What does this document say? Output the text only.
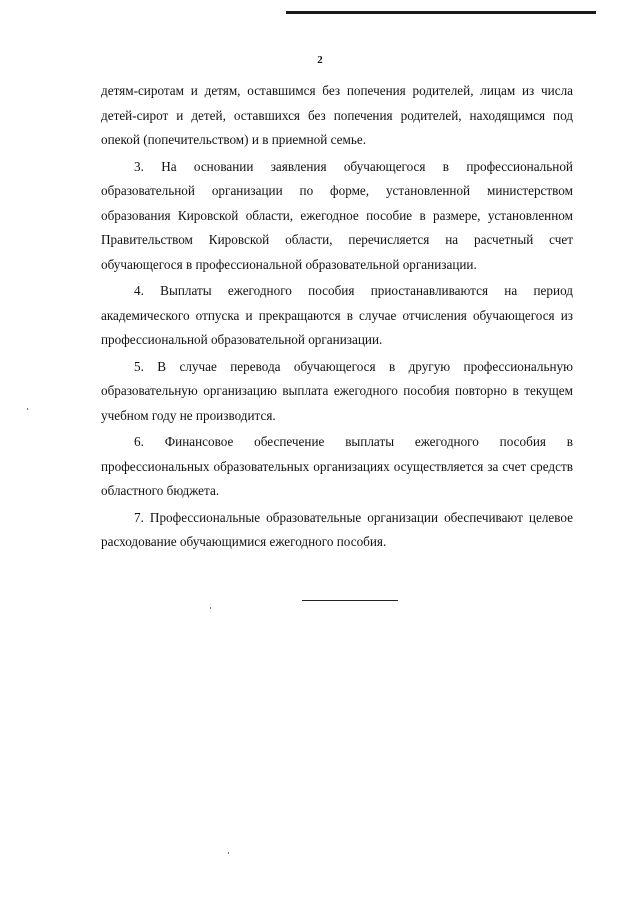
2

детям-сиротам и детям, оставшимся без попечения родителей, лицам из числа детей-сирот и детей, оставшихся без попечения родителей, находящимся под опекой (попечительством) и в приемной семье.

3. На основании заявления обучающегося в профессиональной образовательной организации по форме, установленной министерством образования Кировской области, ежегодное пособие в размере, установленном Правительством Кировской области, перечисляется на расчетный счет обучающегося в профессиональной образовательной организации.

4. Выплаты ежегодного пособия приостанавливаются на период академического отпуска и прекращаются в случае отчисления обучающегося из профессиональной образовательной организации.

5. В случае перевода обучающегося в другую профессиональную образовательную организацию выплата ежегодного пособия повторно в текущем учебном году не производится.

6. Финансовое обеспечение выплаты ежегодного пособия в профессиональных образовательных организациях осуществляется за счет средств областного бюджета.

7. Профессиональные образовательные организации обеспечивают целевое расходование обучающимися ежегодного пособия.
